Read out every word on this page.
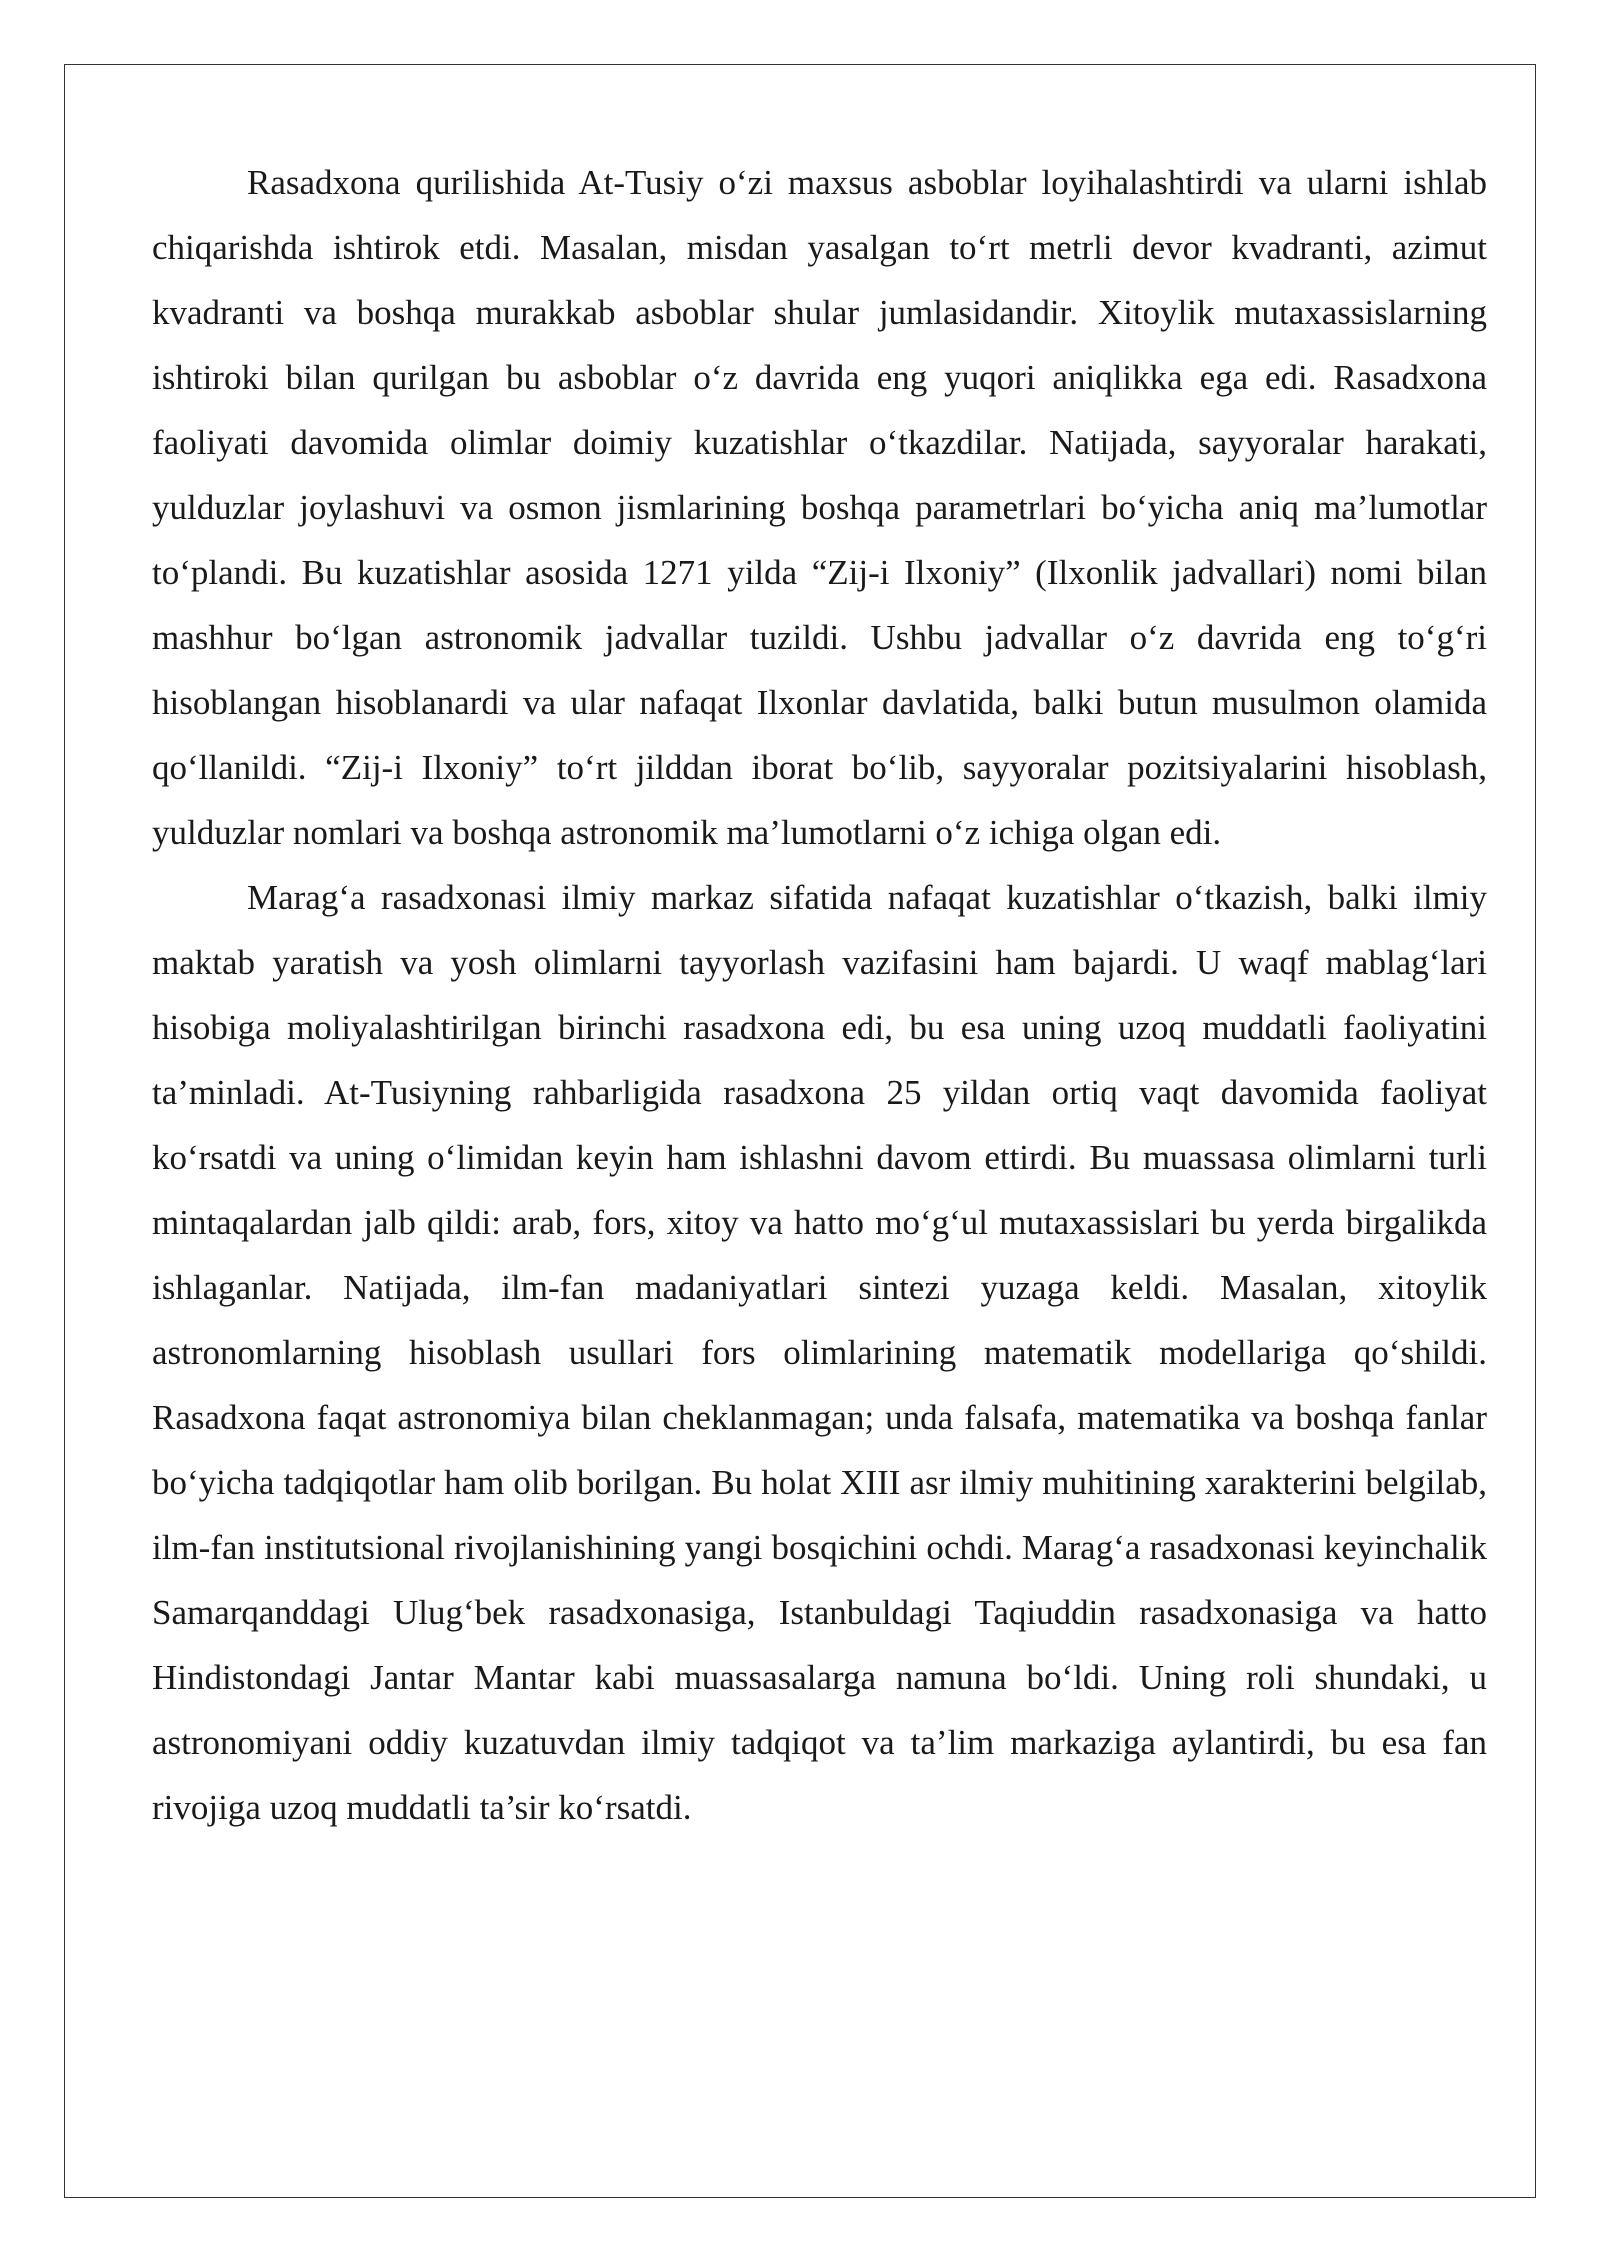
Rasadxona qurilishida At-Tusiy o‘zi maxsus asboblar loyihalashtirdi va ularni ishlab chiqarishda ishtirok etdi. Masalan, misdan yasalgan to‘rt metrli devor kvadranti, azimut kvadranti va boshqa murakkab asboblar shular jumlasidandir. Xitoylik mutaxassislarning ishtiroki bilan qurilgan bu asboblar o‘z davrida eng yuqori aniqlikka ega edi. Rasadxona faoliyati davomida olimlar doimiy kuzatishlar o‘tkazdilar. Natijada, sayyoralar harakati, yulduzlar joylashuvi va osmon jismlarining boshqa parametrlari bo‘yicha aniq ma’lumotlar to‘plandi. Bu kuzatishlar asosida 1271 yilda “Zij-i Ilxoniy” (Ilxonlik jadvallari) nomi bilan mashhur bo‘lgan astronomik jadvallar tuzildi. Ushbu jadvallar o‘z davrida eng to‘g‘ri hisoblangan hisoblanardi va ular nafaqat Ilxonlar davlatida, balki butun musulmon olamida qo‘llanildi. “Zij-i Ilxoniy” to‘rt jilddan iborat bo‘lib, sayyoralar pozitsiyalarini hisoblash, yulduzlar nomlari va boshqa astronomik ma’lumotlarni o‘z ichiga olgan edi.

Marag‘a rasadxonasi ilmiy markaz sifatida nafaqat kuzatishlar o‘tkazish, balki ilmiy maktab yaratish va yosh olimlarni tayyorlash vazifasini ham bajardi. U waqf mablag‘lari hisobiga moliyalashtirilgan birinchi rasadxona edi, bu esa uning uzoq muddatli faoliyatini ta’minladi. At-Tusiyning rahbarligida rasadxona 25 yildan ortiq vaqt davomida faoliyat ko‘rsatdi va uning o‘limidan keyin ham ishlashni davom ettirdi. Bu muassasa olimlarni turli mintaqalardan jalb qildi: arab, fors, xitoy va hatto mo‘g‘ul mutaxassislari bu yerda birgalikda ishlaganlar. Natijada, ilm-fan madaniyatlari sintezi yuzaga keldi. Masalan, xitoylik astronomlarning hisoblash usullari fors olimlarining matematik modellariga qo‘shildi. Rasadxona faqat astronomiya bilan cheklanmagan; unda falsafa, matematika va boshqa fanlar bo‘yicha tadqiqotlar ham olib borilgan. Bu holat XIII asr ilmiy muhitining xarakterini belgilab, ilm-fan institutsional rivojlanishining yangi bosqichini ochdi. Marag‘a rasadxonasi keyinchalik Samarqanddagi Ulug‘bek rasadxonasiga, Istanbuldagi Taqiuddin rasadxonasiga va hatto Hindistondagi Jantar Mantar kabi muassasalarga namuna bo‘ldi. Uning roli shundaki, u astronomiyani oddiy kuzatuvdan ilmiy tadqiqot va ta’lim markaziga aylantirdi, bu esa fan rivojiga uzoq muddatli ta’sir ko‘rsatdi.
